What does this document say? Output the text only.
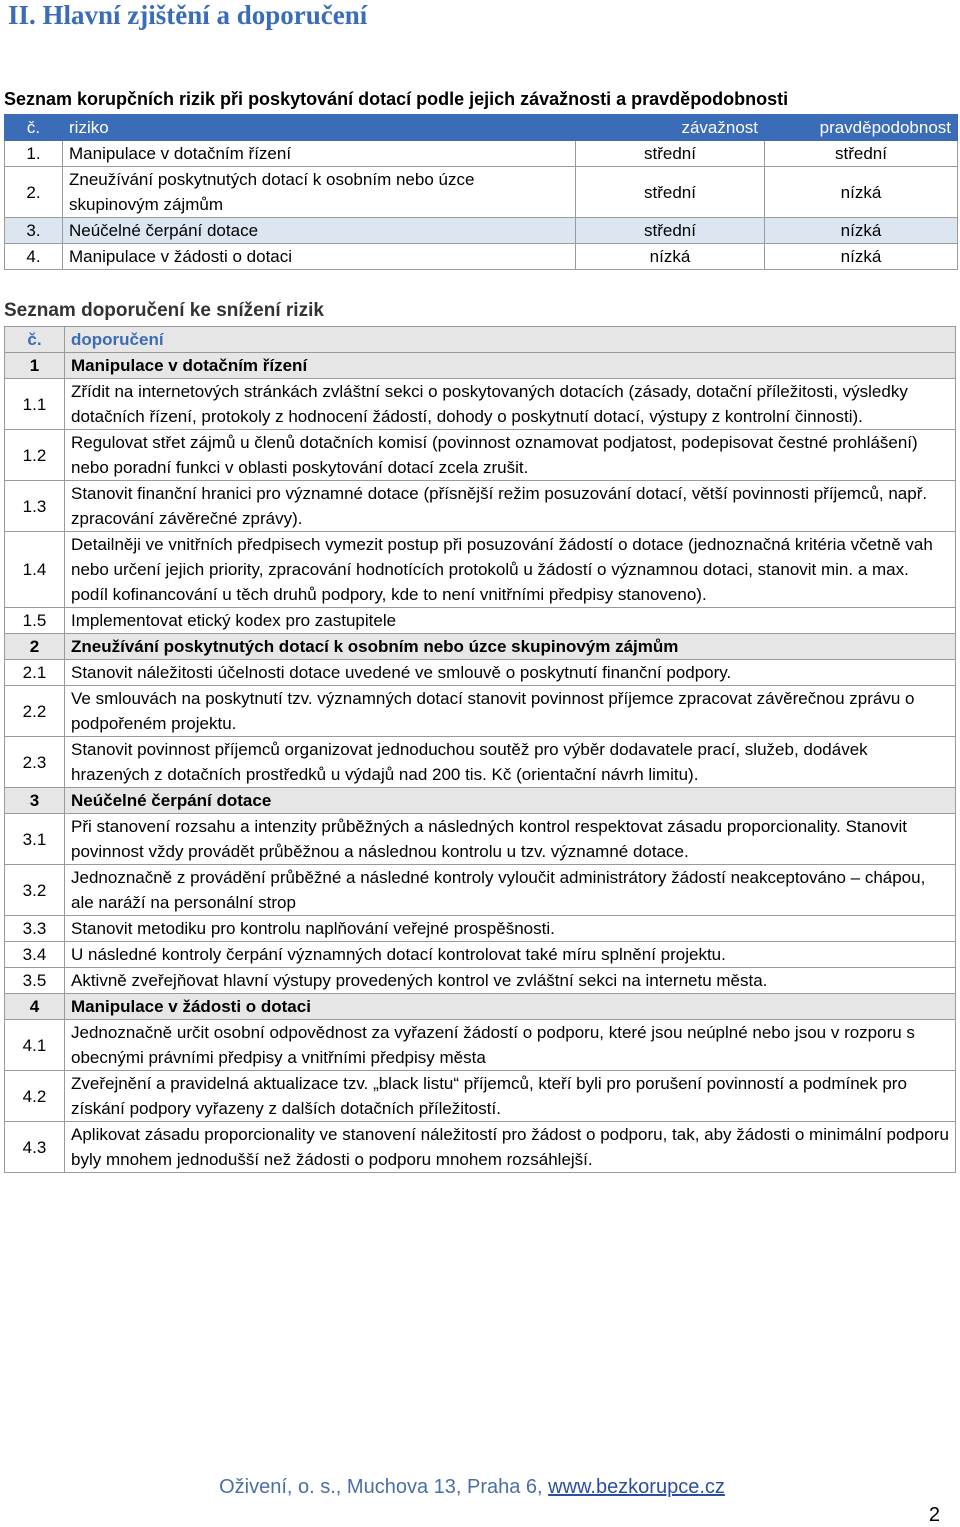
II. Hlavní zjištění a doporučení
Seznam korupčních rizik při poskytování dotací podle jejich závažnosti a pravděpodobnosti
č.	riziko	závažnost	pravděpodobnost
1.	Manipulace v dotačním řízení	střední	střední
2.	Zneužívání poskytnutých dotací k osobním nebo úzce skupinovým zájmům	střední	nízká
3.	Neúčelné čerpání dotace	střední	nízká
4.	Manipulace v žádosti o dotaci	nízká	nízká
Seznam doporučení ke snížení rizik
č.	doporučení
1	Manipulace v dotačním řízení
1.1	Zřídit na internetových stránkách zvláštní sekci o poskytovaných dotacích (zásady, dotační příležitosti, výsledky dotačních řízení, protokoly z hodnocení žádostí, dohody o poskytnutí dotací, výstupy z kontrolní činnosti).
1.2	Regulovat střet zájmů u členů dotačních komisí (povinnost oznamovat podjatost, podepisovat čestné prohlášení) nebo poradní funkci v oblasti poskytování dotací zcela zrušit.
1.3	Stanovit finanční hranici pro významné dotace (přísnější režim posuzování dotací, větší povinnosti příjemců, např. zpracování závěrečné zprávy).
1.4	Detailněji ve vnitřních předpisech vymezit postup při posuzování žádostí o dotace (jednoznačná kritéria včetně vah nebo určení jejich priority, zpracování hodnotících protokolů u žádostí o významnou dotaci, stanovit min. a max. podíl kofinancování u těch druhů podpory, kde to není vnitřními předpisy stanoveno).
1.5	Implementovat etický kodex pro zastupitele
2	Zneužívání poskytnutých dotací k osobním nebo úzce skupinovým zájmům
2.1	Stanovit náležitosti účelnosti dotace uvedené ve smlouvě o poskytnutí finanční podpory.
2.2	Ve smlouvách na poskytnutí tzv. významných dotací stanovit povinnost příjemce zpracovat závěrečnou zprávu o podpořeném projektu.
2.3	Stanovit povinnost příjemců organizovat jednoduchou soutěž pro výběr dodavatele prací, služeb, dodávek hrazených z dotačních prostředků u výdajů nad 200 tis. Kč (orientační návrh limitu).
3	Neúčelné čerpání dotace
3.1	Při stanovení rozsahu a intenzity průběžných a následných kontrol respektovat zásadu proporcionality. Stanovit povinnost vždy provádět průběžnou a následnou kontrolu u tzv. významné dotace.
3.2	Jednoznačně z provádění průběžné a následné kontroly vyloučit administrátory žádostí neakceptováno – chápou, ale naráží na personální strop
3.3	Stanovit metodiku pro kontrolu naplňování veřejné prospěšnosti.
3.4	U následné kontroly čerpání významných dotací kontrolovat také míru splnění projektu.
3.5	Aktivně zveřejňovat hlavní výstupy provedených kontrol ve zvláštní sekci na internetu města.
4	Manipulace v žádosti o dotaci
4.1	Jednoznačně určit osobní odpovědnost za vyřazení žádostí o podporu, které jsou neúplné nebo jsou v rozporu s obecnými právními předpisy a vnitřními předpisy města
4.2	Zveřejnění a pravidelná aktualizace tzv. „black listu“ příjemců, kteří byli pro porušení povinností a podmínek pro získání podpory vyřazeny z dalších dotačních příležitostí.
4.3	Aplikovat zásadu proporcionality ve stanovení náležitostí pro žádost o podporu, tak, aby žádosti o minimální podporu byly mnohem jednodušší než žádosti o podporu mnohem rozsáhlejší.
Oživení, o. s., Muchova 13, Praha 6, www.bezkorupce.cz
2
